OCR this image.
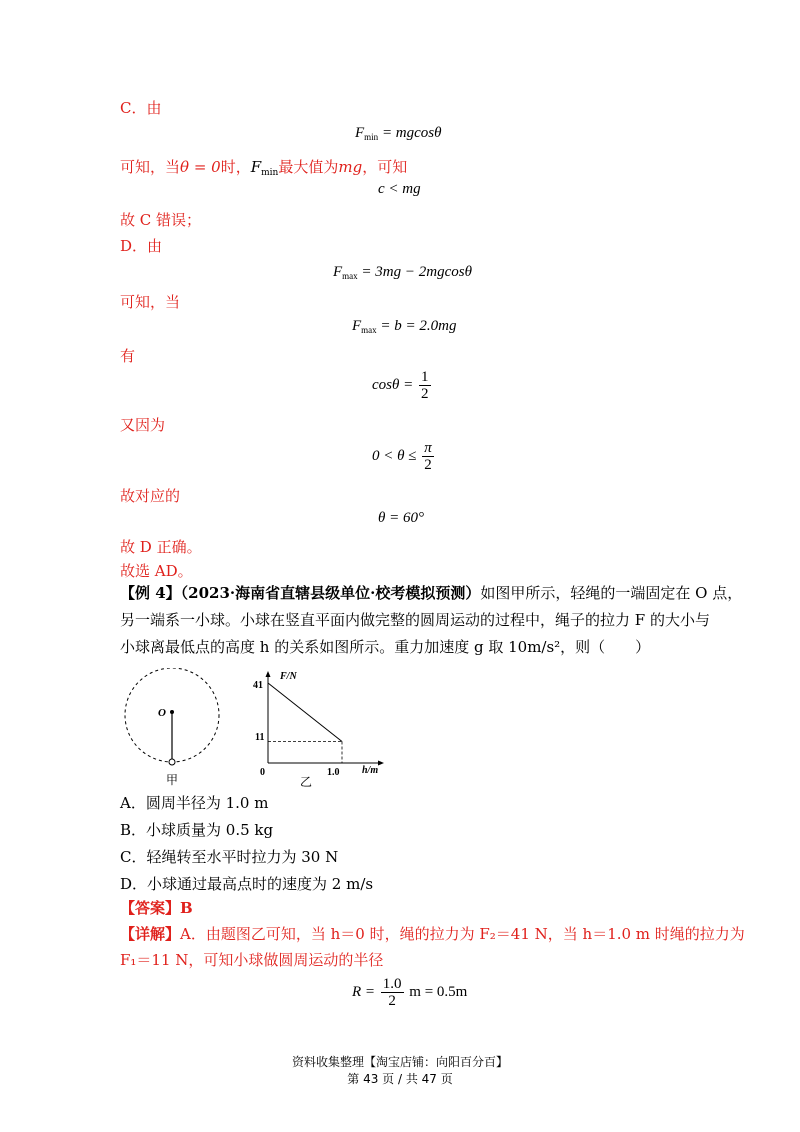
C．由
$F_{min} = mgcos\theta$
可知，当θ = 0时，$F_{min}$最大值为mg，可知
c < mg
故 C 错误；
D．由
$F_{max} = 3mg - 2mgcos\theta$
可知，当
$F_{max} = b = 2.0mg$
有
$\cos\theta = \frac{1}{2}$
又因为
$0 < \theta \le \frac{\pi}{2}$
故对应的
θ = 60°
故 D 正确。
故选 AD。
【例 4】（2023·海南省直辖县级单位·校考模拟预测）如图甲所示，轻绳的一端固定在 O 点，
另一端系一小球。小球在竖直平面内做完整的圆周运动的过程中，绳子的拉力 F 的大小与
小球离最低点的高度 h 的关系如图所示。重力加速度 g 取 10m/s²，则（　　）
O
甲
F/N
h/m
0
41
11
1.0
乙
A．圆周半径为 1.0 m
B．小球质量为 0.5 kg
C．轻绳转至水平时拉力为 30 N
D．小球通过最高点时的速度为 2 m/s
【答案】B
【详解】A．由题图乙可知，当 h＝0 时，绳的拉力为 F₂＝41 N，当 h＝1.0 m 时绳的拉力为
F₁＝11 N，可知小球做圆周运动的半径
$R = \frac{1.0}{2}$ m = 0.5m
资料收集整理【淘宝店铺：向阳百分百】
第 43 页 / 共 47 页
